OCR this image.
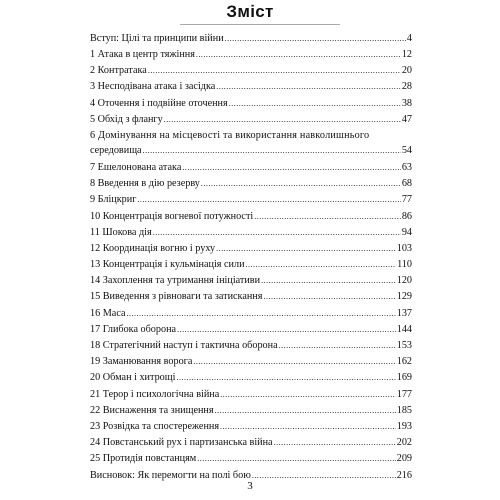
Зміст
Вступ: Цілі та принципи війни .....	4
1 Атака в центр тяжіння .....	12
2 Контратака .....	20
3 Несподівана атака і засідка .....	28
4 Оточення і подвійне оточення .....	38
5 Обхід з флангу .....	47
6 Домінування на місцевості та використання навколишнього
середовища .....	54
7 Ешелонована атака .....	63
8 Введення в дію резерву .....	68
9 Бліцкриг .....	77
10 Концентрація вогневої потужності .....	86
11 Шокова дія .....	94
12 Координація вогню і руху .....	103
13 Концентрація і кульмінація сили .....	110
14 Захоплення та утримання ініціативи .....	120
15 Виведення з рівноваги та затискання .....	129
16 Маса .....	137
17 Глибока оборона .....	144
18 Стратегічний наступ і тактична оборона .....	153
19 Заманювання ворога .....	162
20 Обман і хитрощі .....	169
21 Терор і психологічна війна .....	177
22 Виснаження та знищення .....	185
23 Розвідка та спостереження .....	193
24 Повстанський рух і партизанська війна .....	202
25 Протидія повстанцям .....	209
Висновок: Як перемогти на полі бою .....	216
3
